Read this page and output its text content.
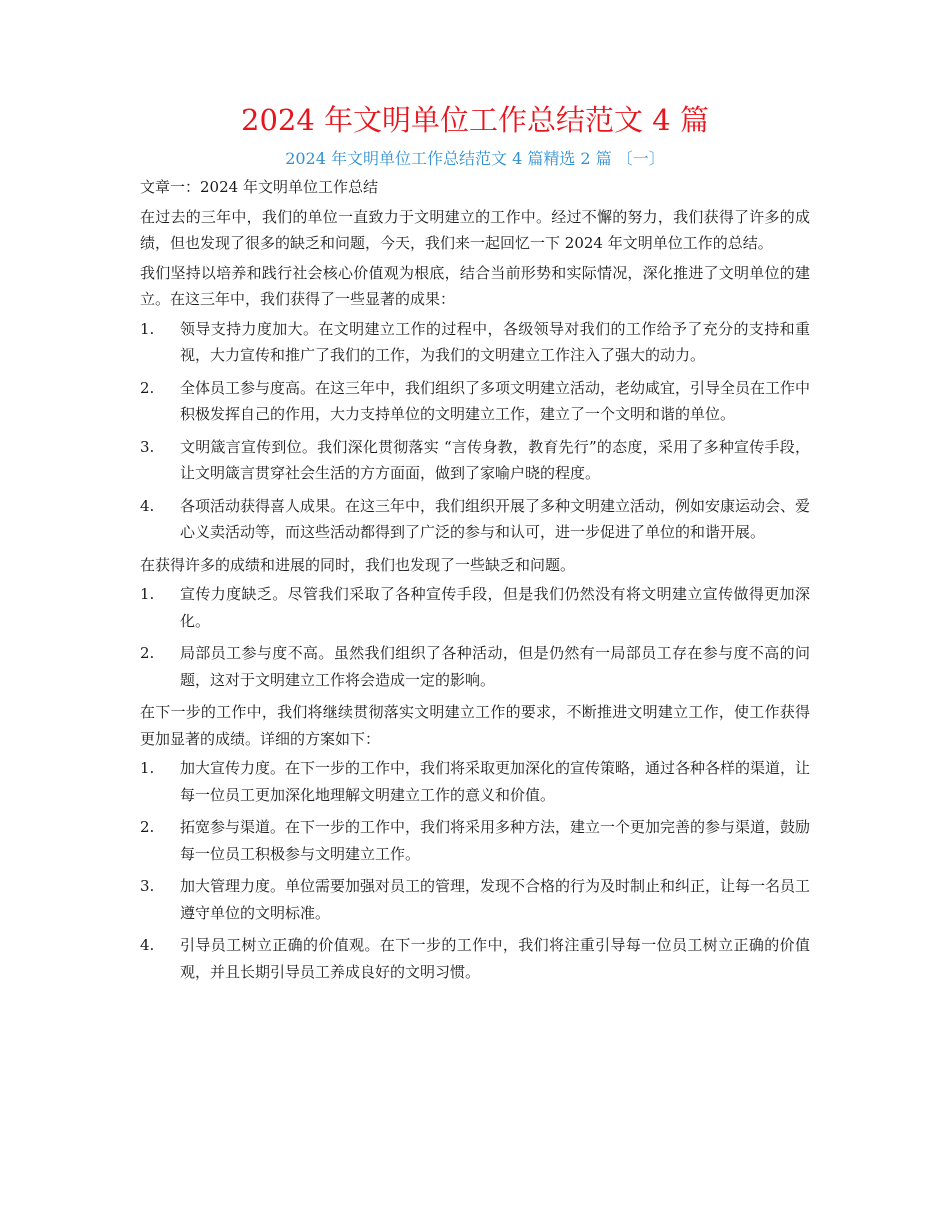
2024 年文明单位工作总结范文 4 篇
2024 年文明单位工作总结范文 4 篇精选 2 篇 〔一〕

文章一：2024 年文明单位工作总结

在过去的三年中，我们的单位一直致力于文明建立的工作中。经过不懈的努力，我们获得了许多的成绩，但也发现了很多的缺乏和问题，今天，我们来一起回忆一下 2024 年文明单位工作的总结。

我们坚持以培养和践行社会核心价值观为根底，结合当前形势和实际情况，深化推进了文明单位的建立。在这三年中，我们获得了一些显著的成果：

1.	领导支持力度加大。在文明建立工作的过程中，各级领导对我们的工作给予了充分的支持和重视，大力宣传和推广了我们的工作，为我们的文明建立工作注入了强大的动力。
2.	全体员工参与度高。在这三年中，我们组织了多项文明建立活动，老幼咸宜，引导全员在工作中积极发挥自己的作用，大力支持单位的文明建立工作，建立了一个文明和谐的单位。
3.	文明箴言宣传到位。我们深化贯彻落实 “言传身教，教育先行”的态度，采用了多种宣传手段，让文明箴言贯穿社会生活的方方面面，做到了家喻户晓的程度。
4.	各项活动获得喜人成果。在这三年中，我们组织开展了多种文明建立活动，例如安康运动会、爱心义卖活动等，而这些活动都得到了广泛的参与和认可，进一步促进了单位的和谐开展。

在获得许多的成绩和进展的同时，我们也发现了一些缺乏和问题。

1.	宣传力度缺乏。尽管我们采取了各种宣传手段，但是我们仍然没有将文明建立宣传做得更加深化。
2.	局部员工参与度不高。虽然我们组织了各种活动，但是仍然有一局部员工存在参与度不高的问题，这对于文明建立工作将会造成一定的影响。

在下一步的工作中，我们将继续贯彻落实文明建立工作的要求，不断推进文明建立工作，使工作获得更加显著的成绩。详细的方案如下：

1.	加大宣传力度。在下一步的工作中，我们将采取更加深化的宣传策略，通过各种各样的渠道，让每一位员工更加深化地理解文明建立工作的意义和价值。
2.	拓宽参与渠道。在下一步的工作中，我们将采用多种方法，建立一个更加完善的参与渠道，鼓励每一位员工积极参与文明建立工作。
3.	加大管理力度。单位需要加强对员工的管理，发现不合格的行为及时制止和纠正，让每一名员工遵守单位的文明标准。
4.	引导员工树立正确的价值观。在下一步的工作中，我们将注重引导每一位员工树立正确的价值观，并且长期引导员工养成良好的文明习惯。
